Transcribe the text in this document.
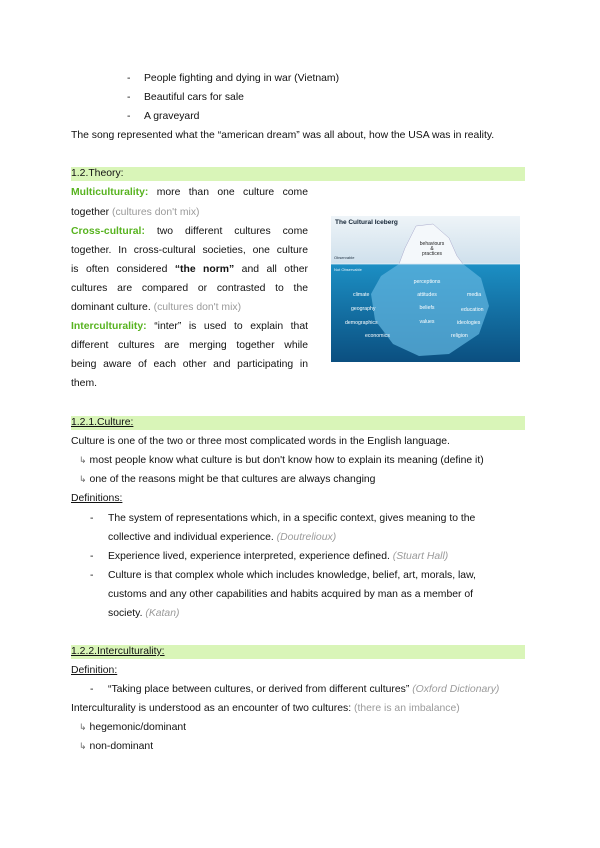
-	People fighting and dying in war (Vietnam)
-	Beautiful cars for sale
-	A graveyard
The song represented what the “american dream” was all about, how the USA was in reality.
1.2.Theory:
Multiculturality: more than one culture come
together (cultures don't mix)
Cross-cultural: two different cultures come
together. In cross-cultural societies, one culture
is often considered “the norm” and all other
cultures are compared or contrasted to the
dominant culture. (cultures don't mix)
Interculturality: “inter” is used to explain that
different cultures are merging together while
being aware of each other and participating in
them.
The Cultural Iceberg
Observable
Not Observable
behaviours
&
practices
perceptions
climate	attitudes	media
geography	beliefs	education
demographics	values	ideologies
economics	religion
1.2.1.Culture:
Culture is one of the two or three most complicated words in the English language.
↳ most people know what culture is but don't know how to explain its meaning (define it)
↳ one of the reasons might be that cultures are always changing
Definitions:
-	The system of representations which, in a specific context, gives meaning to the
collective and individual experience. (Doutrelioux)
-	Experience lived, experience interpreted, experience defined. (Stuart Hall)
-	Culture is that complex whole which includes knowledge, belief, art, morals, law,
customs and any other capabilities and habits acquired by man as a member of
society. (Katan)
1.2.2.Interculturality:
Definition:
-	“Taking place between cultures, or derived from different cultures” (Oxford Dictionary)
Interculturality is understood as an encounter of two cultures: (there is an imbalance)
↳ hegemonic/dominant
↳ non-dominant
